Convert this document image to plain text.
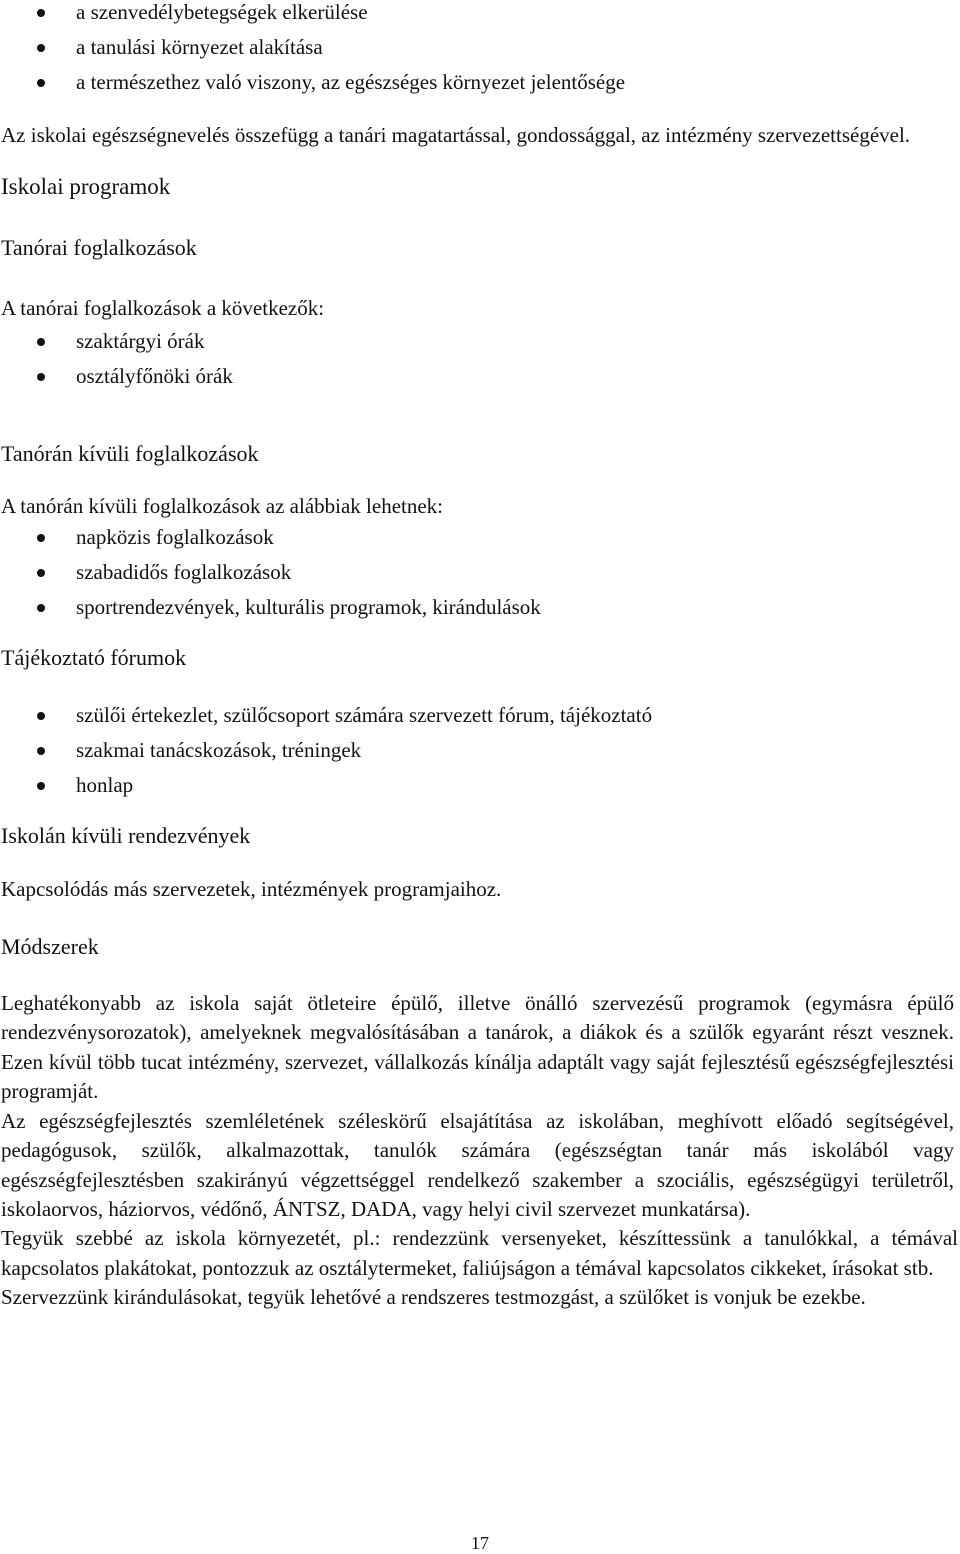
a szenvedélybetegségek elkerülése
a tanulási környezet alakítása
a természethez való viszony, az egészséges környezet jelentősége

Az iskolai egészségnevelés összefügg a tanári magatartással, gondossággal, az intézmény szervezettségével.

Iskolai programok
Tanórai foglalkozások

A tanórai foglalkozások a következők:

szaktárgyi órák
osztályfőnöki órák
Tanórán kívüli foglalkozások

A tanórán kívüli foglalkozások az alábbiak lehetnek:

napközis foglalkozások
szabadidős foglalkozások
sportrendezvények, kulturális programok, kirándulások
Tájékoztató fórumok
szülői értekezlet, szülőcsoport számára szervezett fórum, tájékoztató
szakmai tanácskozások, tréningek
honlap
Iskolán kívüli rendezvények

Kapcsolódás más szervezetek, intézmények programjaihoz.

Módszerek

Leghatékonyabb az iskola saját ötleteire épülő, illetve önálló szervezésű programok (egymásra épülő rendezvénysorozatok), amelyeknek megvalósításában a tanárok, a diákok és a szülők egyaránt részt vesznek. Ezen kívül több tucat intézmény, szervezet, vállalkozás kínálja adaptált vagy saját fejlesztésű egészségfejlesztési programját.

Az egészségfejlesztés szemléletének széleskörű elsajátítása az iskolában, meghívott előadó segítségével, pedagógusok, szülők, alkalmazottak, tanulók számára (egészségtan tanár más iskolából vagy egészségfejlesztésben szakirányú végzettséggel rendelkező szakember a szociális, egészségügyi területről, iskolaorvos, háziorvos, védőnő, ÁNTSZ, DADA, vagy helyi civil szervezet munkatársa).

Tegyük szebbé az iskola környezetét, pl.: rendezzünk versenyeket, készíttessünk a tanulókkal, a témával kapcsolatos plakátokat, pontozzuk az osztálytermeket, faliújságon a témával kapcsolatos cikkeket, írásokat stb.

Szervezzünk kirándulásokat, tegyük lehetővé a rendszeres testmozgást, a szülőket is vonjuk be ezekbe.

17
